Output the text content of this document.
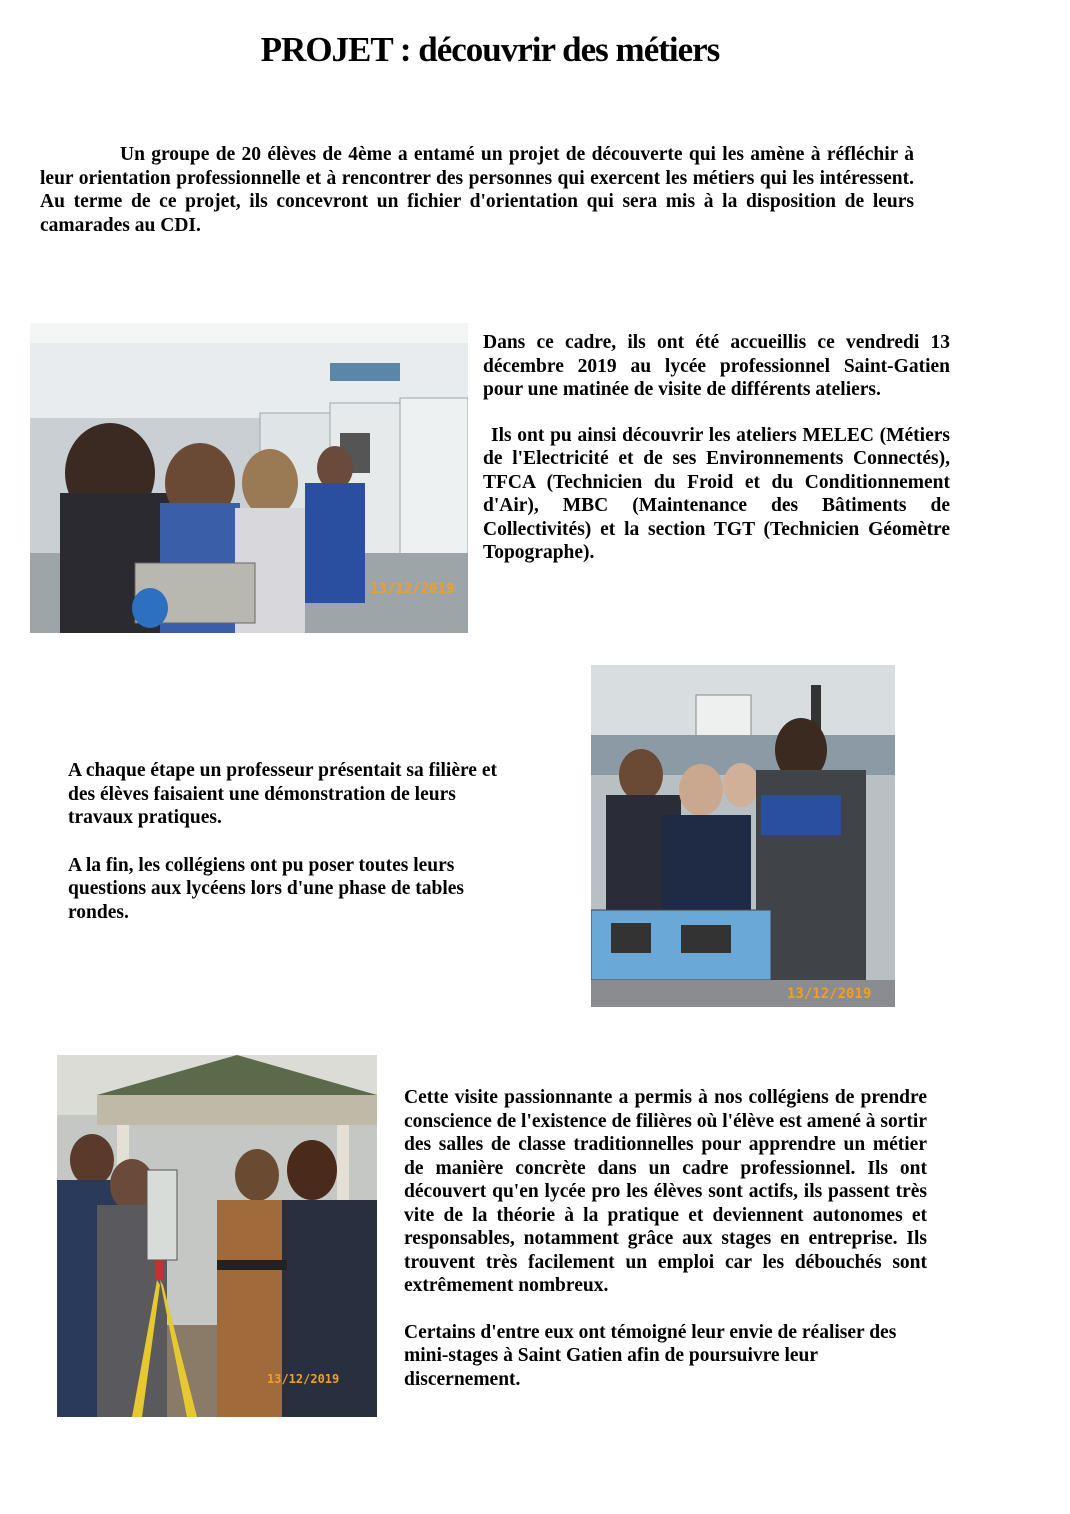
PROJET : découvrir des métiers

Un groupe de 20 élèves de 4ème a entamé un projet de découverte qui les amène à réfléchir à leur orientation professionnelle et à rencontrer des personnes qui exercent les métiers qui les intéressent. Au terme de ce projet, ils concevront un fichier d'orientation qui sera mis à la disposition de leurs camarades au CDI.

13/12/2019

Dans ce cadre, ils ont été accueillis ce vendredi 13 décembre 2019 au lycée professionnel Saint-Gatien pour une matinée de visite de différents ateliers.

Ils ont pu ainsi découvrir les ateliers MELEC (Métiers de l'Electricité et de ses Environnements Connectés), TFCA (Technicien du Froid et du Conditionnement d'Air), MBC (Maintenance des Bâtiments de Collectivités) et la section TGT (Technicien Géomètre Topographe).

A chaque étape un professeur présentait sa filière et des élèves faisaient une démonstration de leurs travaux pratiques.

A la fin, les collégiens ont pu poser toutes leurs questions aux lycéens lors d'une phase de tables rondes.

13/12/2019
13/12/2019

Cette visite passionnante a permis à nos collégiens de prendre conscience de l'existence de filières où l'élève est amené à sortir des salles de classe traditionnelles pour apprendre un métier de manière concrète dans un cadre professionnel. Ils ont découvert qu'en lycée pro les élèves sont actifs, ils passent très vite de la théorie à la pratique et deviennent autonomes et responsables, notamment grâce aux stages en entreprise. Ils trouvent très facilement un emploi car les débouchés sont extrêmement nombreux.

Certains d'entre eux ont témoigné leur envie de réaliser des mini-stages à Saint Gatien afin de poursuivre leur discernement.
